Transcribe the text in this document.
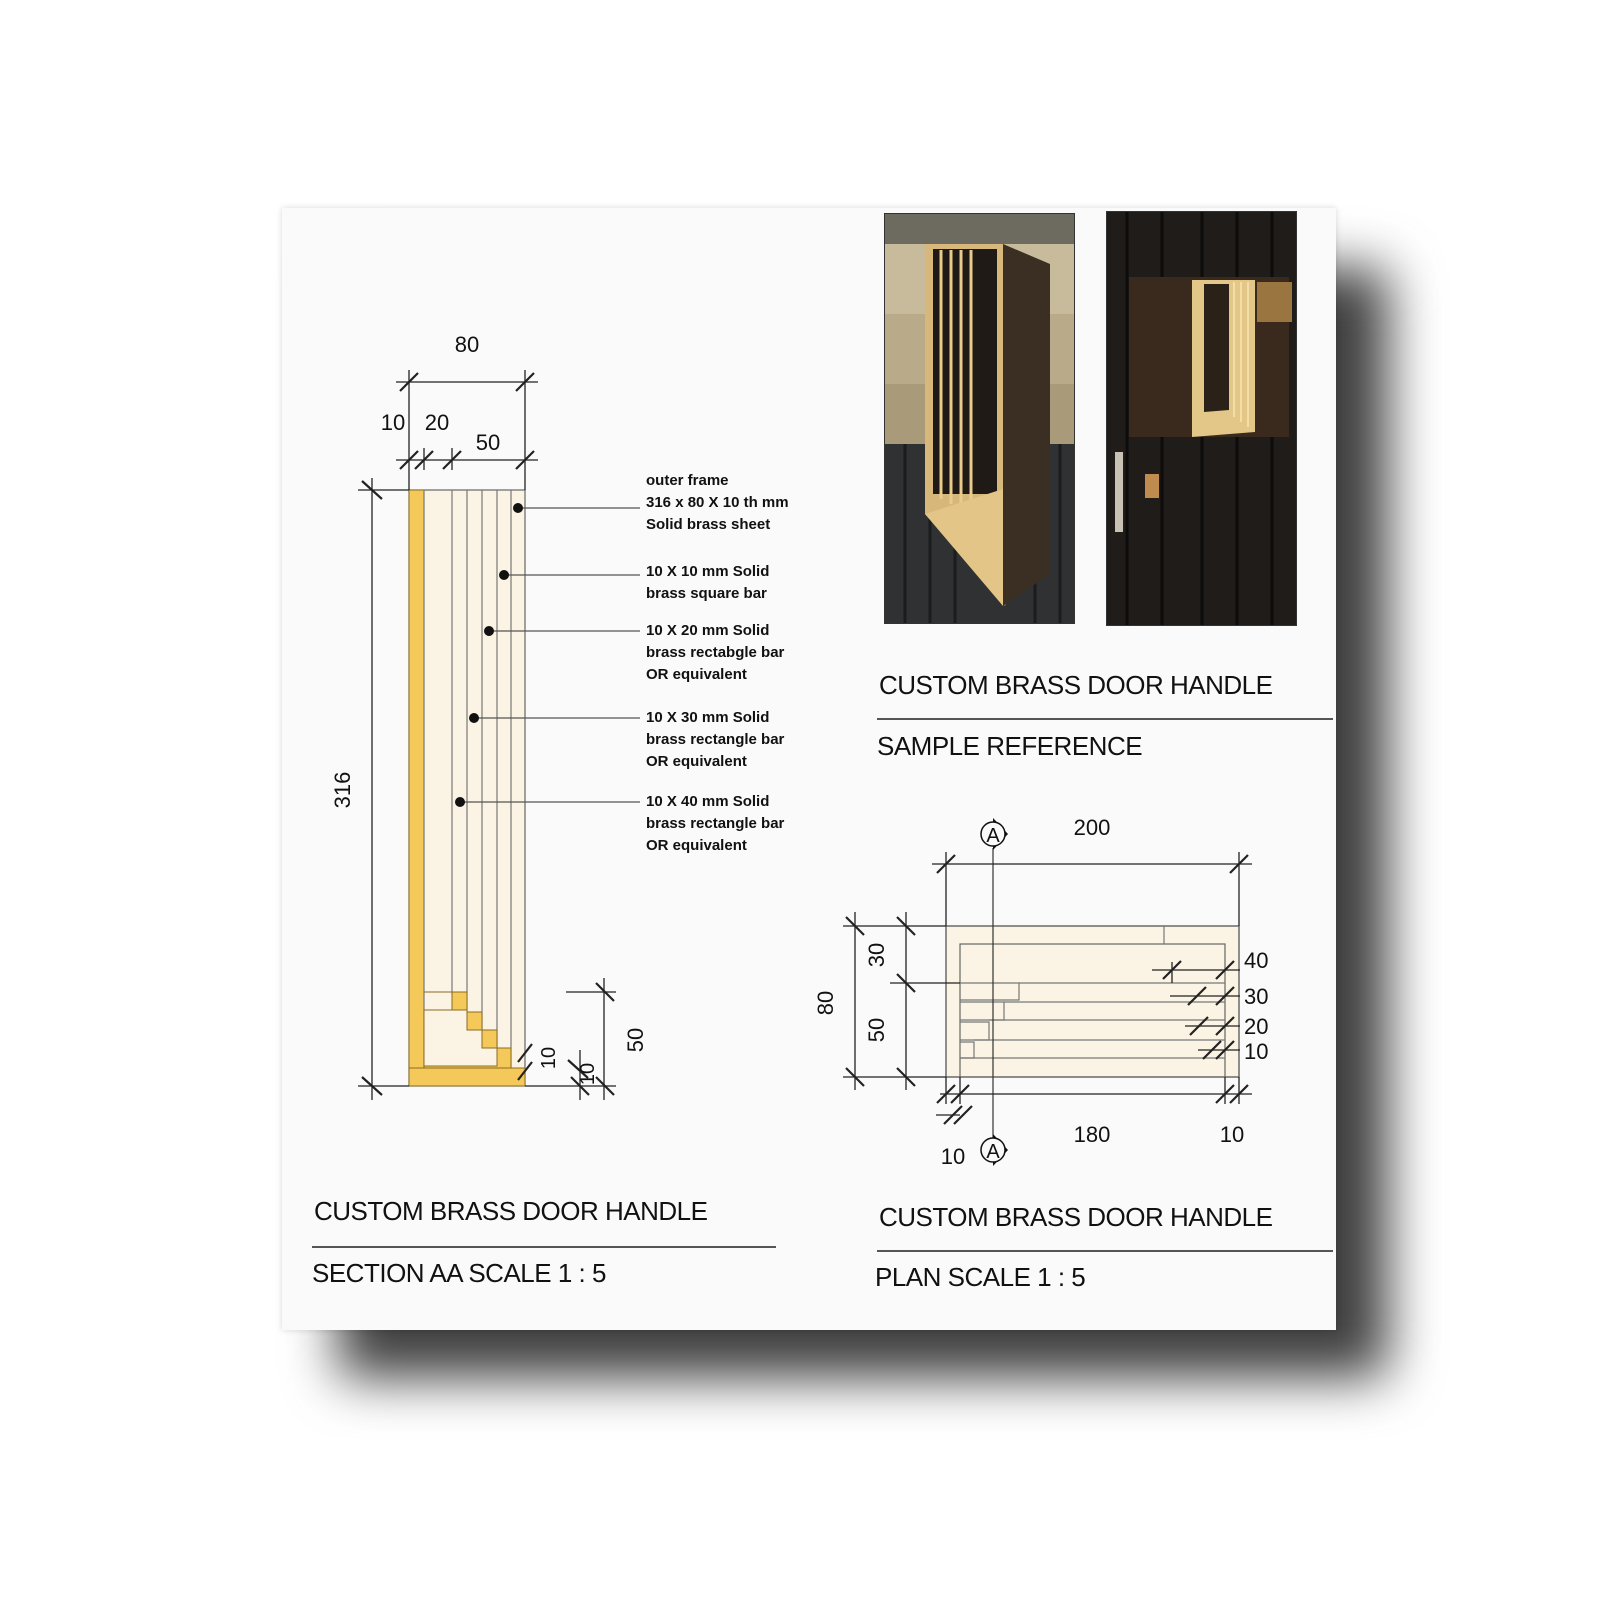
80
10 20
50
316
50
10
10
outer frame
316 x 80 X 10 th mm
Solid brass sheet
10 X 10 mm Solid
brass square bar
10 X 20 mm Solid
brass rectabgle bar
OR equivalent
10 X 30 mm Solid
brass rectangle bar
OR equivalent
10 X 40 mm Solid
brass rectangle bar
OR equivalent
CUSTOM BRASS DOOR HANDLE
SECTION AA SCALE 1 : 5
CUSTOM BRASS DOOR HANDLE
SAMPLE REFERENCE
A
A
200
80
30
50
40
30
20
10
10
180	10
CUSTOM BRASS DOOR HANDLE
PLAN SCALE 1 : 5
